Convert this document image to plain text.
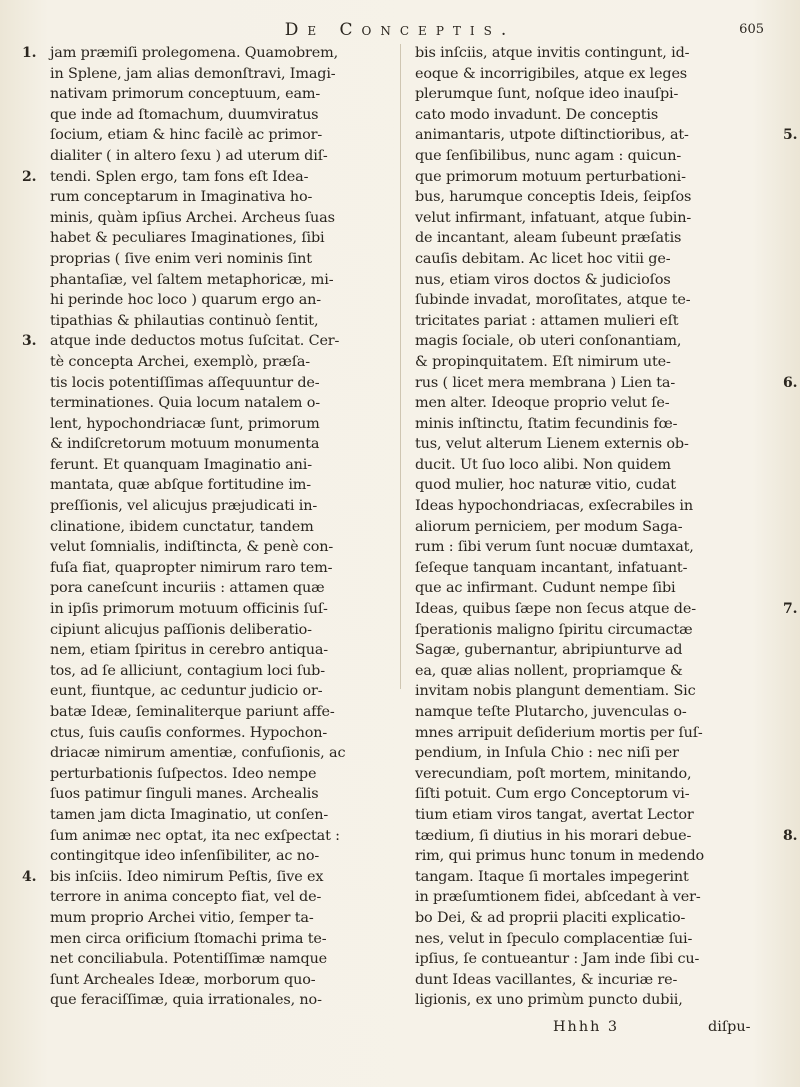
De Conceptis.	605
jam præmiſi prolegomena. Quamobrem,
1.
in Splene, jam alias demonſtravi, Imagi-
nativam primorum conceptuum, eam-
que inde ad ſtomachum, duumviratus
ſocium, etiam & hinc facilè ac primor-
dialiter ( in altero ſexu ) ad uterum diſ-
tendi. Splen ergo, tam fons eſt Idea-
2.
rum conceptarum in Imaginativa ho-
minis, quàm ipſius Archei. Archeus ſuas
habet & peculiares Imaginationes, ſibi
proprias ( ſive enim veri nominis ſint
phantaſiæ, vel ſaltem metaphoricæ, mi-
hi perinde hoc loco ) quarum ergo an-
tipathias & philautias continuò ſentit,
atque inde deductos motus ſuſcitat. Cer-
3.
tè concepta Archei, exemplò, præſa-
tis locis potentiſſimas aſſequuntur de-
terminationes. Quia locum natalem o-
lent, hypochondriacæ ſunt, primorum
& indiſcretorum motuum monumenta
ferunt. Et quanquam Imaginatio ani-
mantata, quæ abſque fortitudine im-
preſſionis, vel alicujus præjudicati in-
clinatione, ibidem cunctatur, tandem
velut ſomnialis, indiſtincta, & penè con-
fuſa fiat, quapropter nimirum raro tem-
pora caneſcunt incuriis : attamen quæ
in ipſis primorum motuum officinis ſuſ-
cipiunt alicujus paſſionis deliberatio-
nem, etiam ſpiritus in cerebro antiqua-
tos, ad ſe alliciunt, contagium loci ſub-
eunt, fiuntque, ac ceduntur judicio or-
batæ Ideæ, ſeminaliterque pariunt affe-
ctus, ſuis cauſis conformes. Hypochon-
driacæ nimirum amentiæ, confuſionis, ac
perturbationis ſuſpectos. Ideo nempe
ſuos patimur ſinguli manes. Archealis
tamen jam dicta Imaginatio, ut conſen-
ſum animæ nec optat, ita nec exſpectat :
contingitque ideo inſenſibiliter, ac no-
bis inſciis. Ideo nimirum Peſtis, ſive ex
4.
terrore in anima concepto fiat, vel de-
mum proprio Archei vitio, ſemper ta-
men circa orificium ſtomachi prima te-
net conciliabula. Potentiſſimæ namque
ſunt Archeales Ideæ, morborum quo-
que feraciſſimæ, quia irrationales, no-
bis inſciis, atque invitis contingunt, id-
eoque & incorrigibiles, atque ex leges
plerumque ſunt, noſque ideo inauſpi-
cato modo invadunt. De conceptis
animantaris, utpote diſtinctioribus, at-	5.
que ſenſibilibus, nunc agam : quicun-
que primorum motuum perturbationi-
bus, harumque conceptis Ideis, ſeipſos
velut infirmant, infatuant, atque ſubin-
de incantant, aleam ſubeunt præſatis
cauſis debitam. Ac licet hoc vitii ge-
nus, etiam viros doctos & judicioſos
ſubinde invadat, moroſitates, atque te-
tricitates pariat : attamen mulieri eſt
magis ſociale, ob uteri conſonantiam,
& propinquitatem. Eſt nimirum ute-
rus ( licet mera membrana ) Lien ta-	6.
men alter. Ideoque proprio velut ſe-
minis inſtinctu, ſtatim fecundinis fœ-
tus, velut alterum Lienem externis ob-
ducit. Ut ſuo loco alibi. Non quidem
quod mulier, hoc naturæ vitio, cudat
Ideas hypochondriacas, exſecrabiles in
aliorum perniciem, per modum Saga-
rum : ſibi verum ſunt nocuæ dumtaxat,
ſeſeque tanquam incantant, infatuant-
que ac infirmant. Cudunt nempe ſibi
Ideas, quibus ſæpe non ſecus atque de-	7.
ſperationis maligno ſpiritu circumactæ
Sagæ, gubernantur, abripiunturve ad
ea, quæ alias nollent, propriamque &
invitam nobis plangunt dementiam. Sic
namque teſte Plutarcho, juvenculas o-
mnes arripuit deſiderium mortis per ſuſ-
pendium, in Inſula Chio : nec niſi per
verecundiam, poſt mortem, minitando,
ſiſti potuit. Cum ergo Conceptorum vi-
tium etiam viros tangat, avertat Lector
tædium, ſi diutius in his morari debue-	8.
rim, qui primus hunc tonum in medendo
tangam. Itaque ſi mortales impegerint
in præſumtionem fidei, abſcedant à ver-
bo Dei, & ad proprii placiti explicatio-
nes, velut in ſpeculo complacentiæ ſui-
ipſius, ſe contueantur : Jam inde ſibi cu-
dunt Ideas vacillantes, & incuriæ re-
ligionis, ex uno primùm puncto dubii,
Hhhh 3	diſpu-
